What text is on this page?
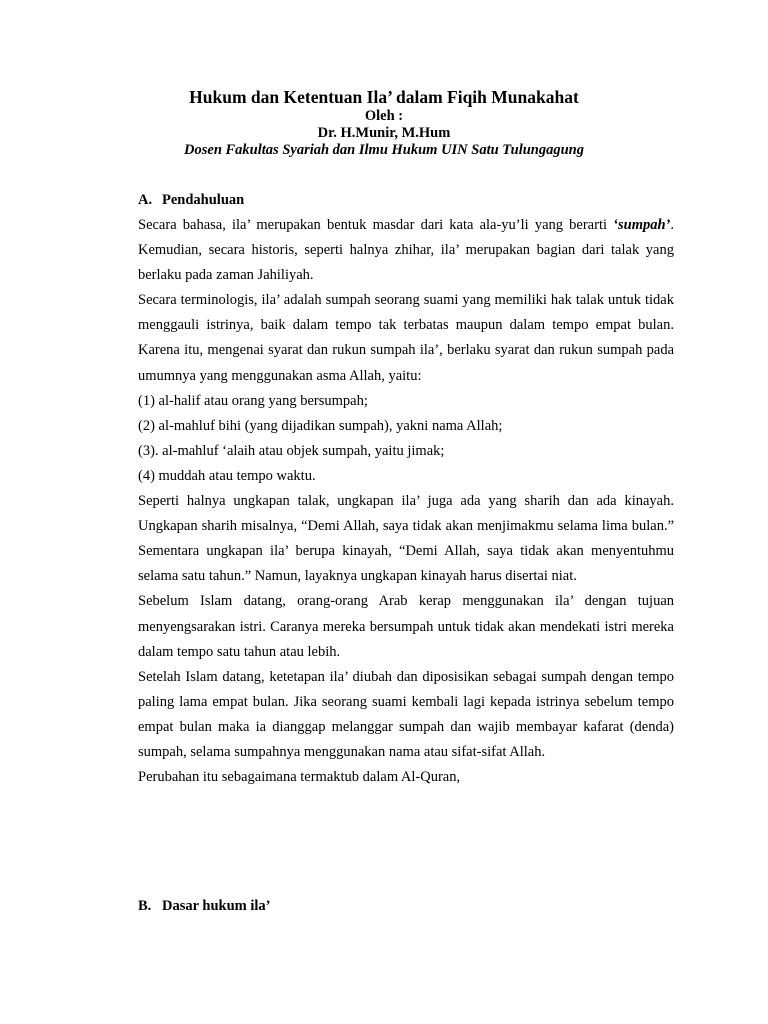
Hukum dan Ketentuan Ila’ dalam Fiqih Munakahat

Oleh :

Dr. H.Munir, M.Hum

Dosen Fakultas Syariah dan Ilmu Hukum UIN Satu Tulungagung

A. Pendahuluan

Secara bahasa, ila’ merupakan bentuk masdar dari kata ala-yu’li yang berarti ‘sumpah’. Kemudian, secara historis, seperti halnya zhihar, ila’ merupakan bagian dari talak yang berlaku pada zaman Jahiliyah.

Secara terminologis, ila’ adalah sumpah seorang suami yang memiliki hak talak untuk tidak menggauli istrinya, baik dalam tempo tak terbatas maupun dalam tempo empat bulan. Karena itu, mengenai syarat dan rukun sumpah ila’, berlaku syarat dan rukun sumpah pada umumnya yang menggunakan asma Allah, yaitu:

(1) al-halif atau orang yang bersumpah;

(2) al-mahluf bihi (yang dijadikan sumpah), yakni nama Allah;

(3). al-mahluf ‘alaih atau objek sumpah, yaitu jimak;

(4) muddah atau tempo waktu.

Seperti halnya ungkapan talak, ungkapan ila’ juga ada yang sharih dan ada kinayah. Ungkapan sharih misalnya, “Demi Allah, saya tidak akan menjimakmu selama lima bulan.” Sementara ungkapan ila’ berupa kinayah, “Demi Allah, saya tidak akan menyentuhmu selama satu tahun.” Namun, layaknya ungkapan kinayah harus disertai niat.

Sebelum Islam datang, orang-orang Arab kerap menggunakan ila’ dengan tujuan menyengsarakan istri. Caranya mereka bersumpah untuk tidak akan mendekati istri mereka dalam tempo satu tahun atau lebih.

Setelah Islam datang, ketetapan ila’ diubah dan diposisikan sebagai sumpah dengan tempo paling lama empat bulan. Jika seorang suami kembali lagi kepada istrinya sebelum tempo empat bulan maka ia dianggap melanggar sumpah dan wajib membayar kafarat (denda) sumpah, selama sumpahnya menggunakan nama atau sifat-sifat Allah.

Perubahan itu sebagaimana termaktub dalam Al-Quran,

B. Dasar hukum ila’
